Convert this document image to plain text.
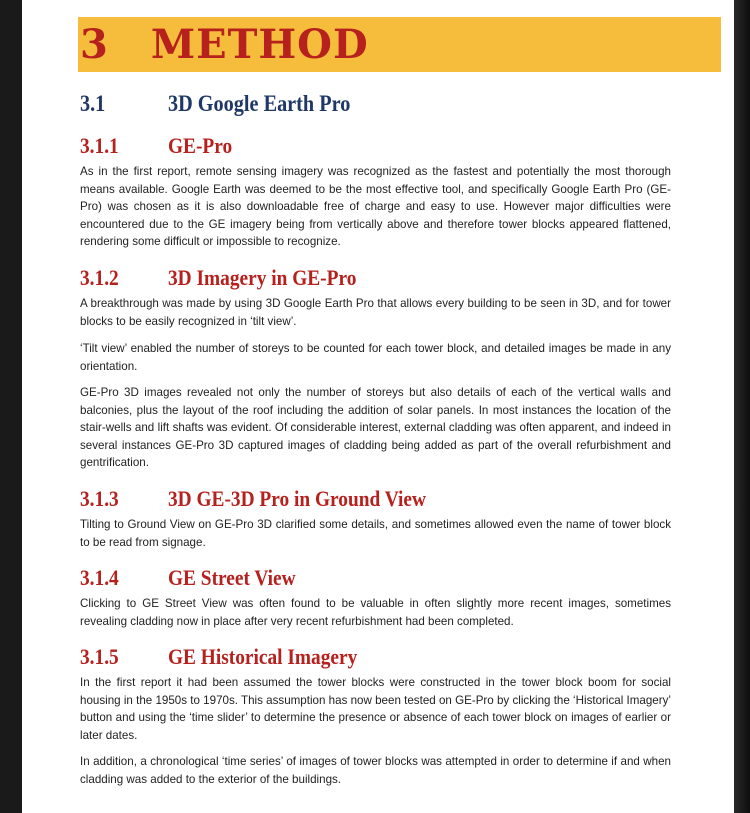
3 METHOD
3.1	3D Google Earth Pro
3.1.1 GE-Pro

As in the first report, remote sensing imagery was recognized as the fastest and potentially the most thorough means available. Google Earth was deemed to be the most effective tool, and specifically Google Earth Pro (GE-Pro) was chosen as it is also downloadable free of charge and easy to use. However major difficulties were encountered due to the GE imagery being from vertically above and therefore tower blocks appeared flattened, rendering some difficult or impossible to recognize.

3.1.2 3D Imagery in GE-Pro

A breakthrough was made by using 3D Google Earth Pro that allows every building to be seen in 3D, and for tower blocks to be easily recognized in ‘tilt view’.

‘Tilt view’ enabled the number of storeys to be counted for each tower block, and detailed images be made in any orientation.

GE-Pro 3D images revealed not only the number of storeys but also details of each of the vertical walls and balconies, plus the layout of the roof including the addition of solar panels. In most instances the location of the stair-wells and lift shafts was evident. Of considerable interest, external cladding was often apparent, and indeed in several instances GE-Pro 3D captured images of cladding being added as part of the overall refurbishment and gentrification.

3.1.3 3D GE-3D Pro in Ground View

Tilting to Ground View on GE-Pro 3D clarified some details, and sometimes allowed even the name of tower block to be read from signage.

3.1.4 GE Street View

Clicking to GE Street View was often found to be valuable in often slightly more recent images, sometimes revealing cladding now in place after very recent refurbishment had been completed.

3.1.5 GE Historical Imagery

In the first report it had been assumed the tower blocks were constructed in the tower block boom for social housing in the 1950s to 1970s. This assumption has now been tested on GE-Pro by clicking the ‘Historical Imagery’ button and using the ‘time slider’ to determine the presence or absence of each tower block on images of earlier or later dates.

In addition, a chronological ‘time series’ of images of tower blocks was attempted in order to determine if and when cladding was added to the exterior of the buildings.
